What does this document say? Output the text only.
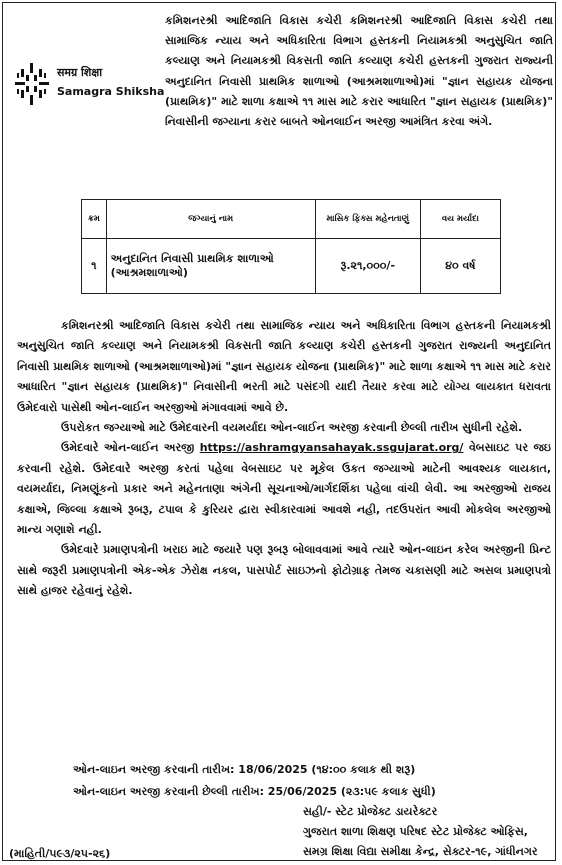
समग्र शिक्षा
Samagra Shiksha
કમિશનરશ્રી આદિજાતિ વિકાસ કચેરી કમિશનરશ્રી આદિજાતિ વિકાસ કચેરી તથા સામાજિક ન્યાય અને અધિકારિતા વિભાગ હસ્તકની નિયામકશ્રી અનુસુચિત જાતિ કલ્યાણ અને નિયામકશ્રી વિકસતી જાતિ કલ્યાણ કચેરી હસ્તકની ગુજરાત રાજ્યની અનુદાનિત નિવાસી પ્રાથમિક શાળાઓ (આશ્રમશાળાઓ)માં "જ્ઞાન સહાયક યોજના (પ્રાથમિક)" માટે શાળા કક્ષાએ ૧૧ માસ માટે કરાર આધારિત "જ્ઞાન સહાયક (પ્રાથમિક)" નિવાસીની જગ્યાના કરાર બાબતે ઓનલાઈન અરજી આમંત્રિત કરવા અંગે.
ક્રમ	જગ્યાનું નામ	માસિક ફિક્સ મહેનતાણું	વય મર્યાદા
૧	અનુદાનિત નિવાસી પ્રાથમિક શાળાઓ (આશ્રમશાળાઓ)	રૂ.૨૧,૦૦૦/-	૪૦ વર્ષ

કમિશનરશ્રી આદિજાતિ વિકાસ કચેરી તથા સામાજિક ન્યાય અને અધિકારિતા વિભાગ હસ્તકની નિયામકશ્રી અનુસુચિત જાતિ કલ્યાણ અને નિયામકશ્રી વિકસતી જાતિ કલ્યાણ કચેરી હસ્તકની ગુજરાત રાજ્યની અનુદાનિત નિવાસી પ્રાથમિક શાળાઓ (આશ્રમશાળાઓ)માં "જ્ઞાન સહાયક યોજના (પ્રાથમિક)" માટે શાળા કક્ષાએ ૧૧ માસ માટે કરાર આધારિત "જ્ઞાન સહાયક (પ્રાથમિક)" નિવાસીની ભરતી માટે પસંદગી યાદી તૈયાર કરવા માટે યોગ્ય લાયકાત ધરાવતા ઉમેદવારો પાસેથી ઓન-લાઈન અરજીઓ મંગાવવામાં આવે છે.

ઉપરોકત જગ્યાઓ માટે ઉમેદવારની વયમર્યાદા ઓન-લાઈન અરજી કરવાની છેલ્લી તારીખ સુધીની રહેશે.

ઉમેદવારે ઓન-લાઈન અરજી https://ashramgyansahayak.ssgujarat.org/ વેબસાઇટ પર જઇ કરવાની રહેશે. ઉમેદવારે અરજી કરતાં પહેલા વેબસાઇટ પર મૂકેલ ઉકત જગ્યાઓ માટેની આવશ્યક લાયકાત, વયમર્યાદા, નિમણૂંકનો પ્રકાર અને મહેનતાણા અંગેની સૂચનાઓ/માર્ગદર્શિકા પહેલા વાંચી લેવી. આ અરજીઓ રાજય કક્ષાએ, જિલ્લા કક્ષાએ રૂબરૂ, ટપાલ કે કુરિયર દ્વારા સ્વીકારવામાં આવશે નહી, તદઉપરાંત આવી મોકલેલ અરજીઓ માન્ય ગણાશે નહી.

ઉમેદવારે પ્રમાણપત્રોની ખરાઇ માટે જયારે પણ રૂબરૂ બોલાવવામાં આવે ત્યારે ઓન-લાઇન કરેલ અરજીની પ્રિન્ટ સાથે જરૂરી પ્રમાણપત્રોની એક-એક ઝેરોક્ષ નકલ, પાસપોર્ટ સાઇઝનો ફોટોગ્રાફ તેમજ ચકાસણી માટે અસલ પ્રમાણપત્રો સાથે હાજર રહેવાનું રહેશે.

ઓન-લાઇન અરજી કરવાની તારીખ: 18/06/2025 (૧૪:૦૦ કલાક થી શરૂ)
ઓન-લાઇન અરજી કરવાની છેલ્લી તારીખ: 25/06/2025 (૨૩:૫૯ કલાક સુધી)
સહી/- સ્ટેટ પ્રોજેક્ટ ડાયરેક્ટર
ગુજરાત શાળા શિક્ષણ પરિષદ સ્ટેટ પ્રોજેક્ટ ઓફિસ,
સમગ્ર શિક્ષા વિદ્યા સમીક્ષા કેન્દ્ર, સેક્ટર-૧૯, ગાંધીનગર
(માહિતી/૫૯૩/૨૫-૨૬)
